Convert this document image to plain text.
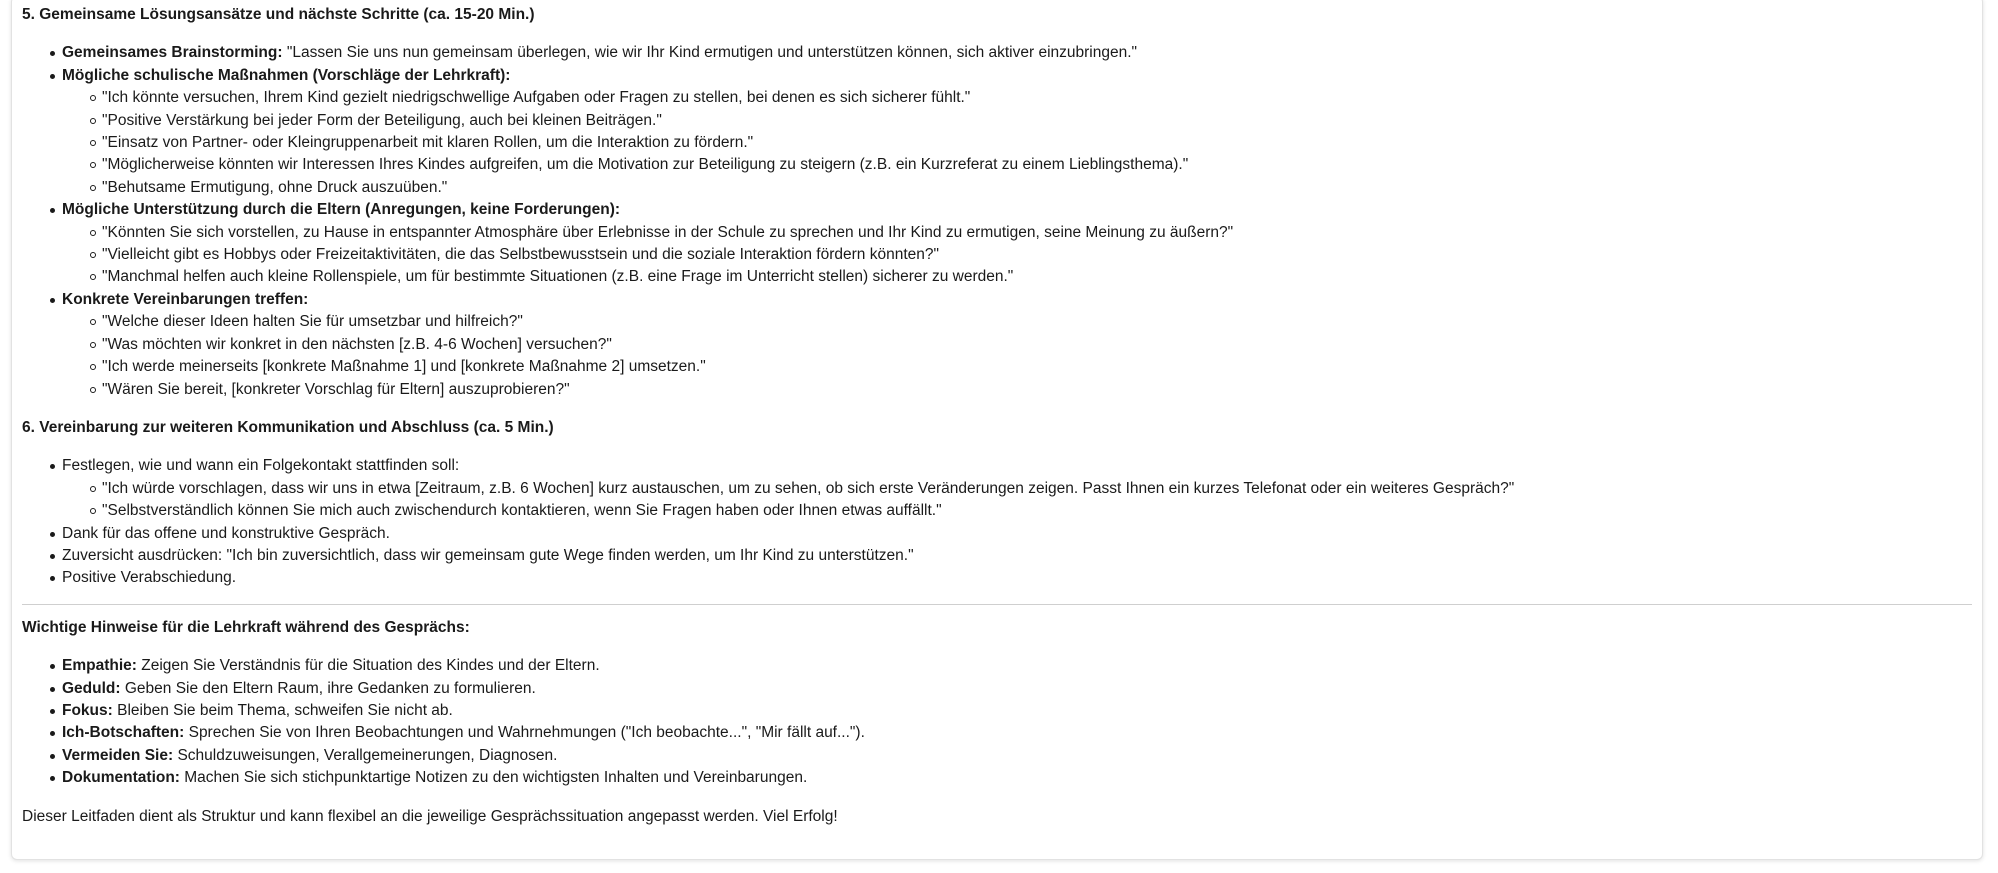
5. Gemeinsame Lösungsansätze und nächste Schritte (ca. 15-20 Min.)
Gemeinsames Brainstorming: "Lassen Sie uns nun gemeinsam überlegen, wie wir Ihr Kind ermutigen und unterstützen können, sich aktiver einzubringen."
Mögliche schulische Maßnahmen (Vorschläge der Lehrkraft):
"Ich könnte versuchen, Ihrem Kind gezielt niedrigschwellige Aufgaben oder Fragen zu stellen, bei denen es sich sicherer fühlt."
"Positive Verstärkung bei jeder Form der Beteiligung, auch bei kleinen Beiträgen."
"Einsatz von Partner- oder Kleingruppenarbeit mit klaren Rollen, um die Interaktion zu fördern."
"Möglicherweise könnten wir Interessen Ihres Kindes aufgreifen, um die Motivation zur Beteiligung zu steigern (z.B. ein Kurzreferat zu einem Lieblingsthema)."
"Behutsame Ermutigung, ohne Druck auszuüben."
Mögliche Unterstützung durch die Eltern (Anregungen, keine Forderungen):
"Könnten Sie sich vorstellen, zu Hause in entspannter Atmosphäre über Erlebnisse in der Schule zu sprechen und Ihr Kind zu ermutigen, seine Meinung zu äußern?"
"Vielleicht gibt es Hobbys oder Freizeitaktivitäten, die das Selbstbewusstsein und die soziale Interaktion fördern könnten?"
"Manchmal helfen auch kleine Rollenspiele, um für bestimmte Situationen (z.B. eine Frage im Unterricht stellen) sicherer zu werden."
Konkrete Vereinbarungen treffen:
"Welche dieser Ideen halten Sie für umsetzbar und hilfreich?"
"Was möchten wir konkret in den nächsten [z.B. 4-6 Wochen] versuchen?"
"Ich werde meinerseits [konkrete Maßnahme 1] und [konkrete Maßnahme 2] umsetzen."
"Wären Sie bereit, [konkreter Vorschlag für Eltern] auszuprobieren?"
6. Vereinbarung zur weiteren Kommunikation und Abschluss (ca. 5 Min.)
Festlegen, wie und wann ein Folgekontakt stattfinden soll:
"Ich würde vorschlagen, dass wir uns in etwa [Zeitraum, z.B. 6 Wochen] kurz austauschen, um zu sehen, ob sich erste Veränderungen zeigen. Passt Ihnen ein kurzes Telefonat oder ein weiteres Gespräch?"
"Selbstverständlich können Sie mich auch zwischendurch kontaktieren, wenn Sie Fragen haben oder Ihnen etwas auffällt."
Dank für das offene und konstruktive Gespräch.
Zuversicht ausdrücken: "Ich bin zuversichtlich, dass wir gemeinsam gute Wege finden werden, um Ihr Kind zu unterstützen."
Positive Verabschiedung.
Wichtige Hinweise für die Lehrkraft während des Gesprächs:
Empathie: Zeigen Sie Verständnis für die Situation des Kindes und der Eltern.
Geduld: Geben Sie den Eltern Raum, ihre Gedanken zu formulieren.
Fokus: Bleiben Sie beim Thema, schweifen Sie nicht ab.
Ich-Botschaften: Sprechen Sie von Ihren Beobachtungen und Wahrnehmungen ("Ich beobachte...", "Mir fällt auf...").
Vermeiden Sie: Schuldzuweisungen, Verallgemeinerungen, Diagnosen.
Dokumentation: Machen Sie sich stichpunktartige Notizen zu den wichtigsten Inhalten und Vereinbarungen.

Dieser Leitfaden dient als Struktur und kann flexibel an die jeweilige Gesprächssituation angepasst werden. Viel Erfolg!
